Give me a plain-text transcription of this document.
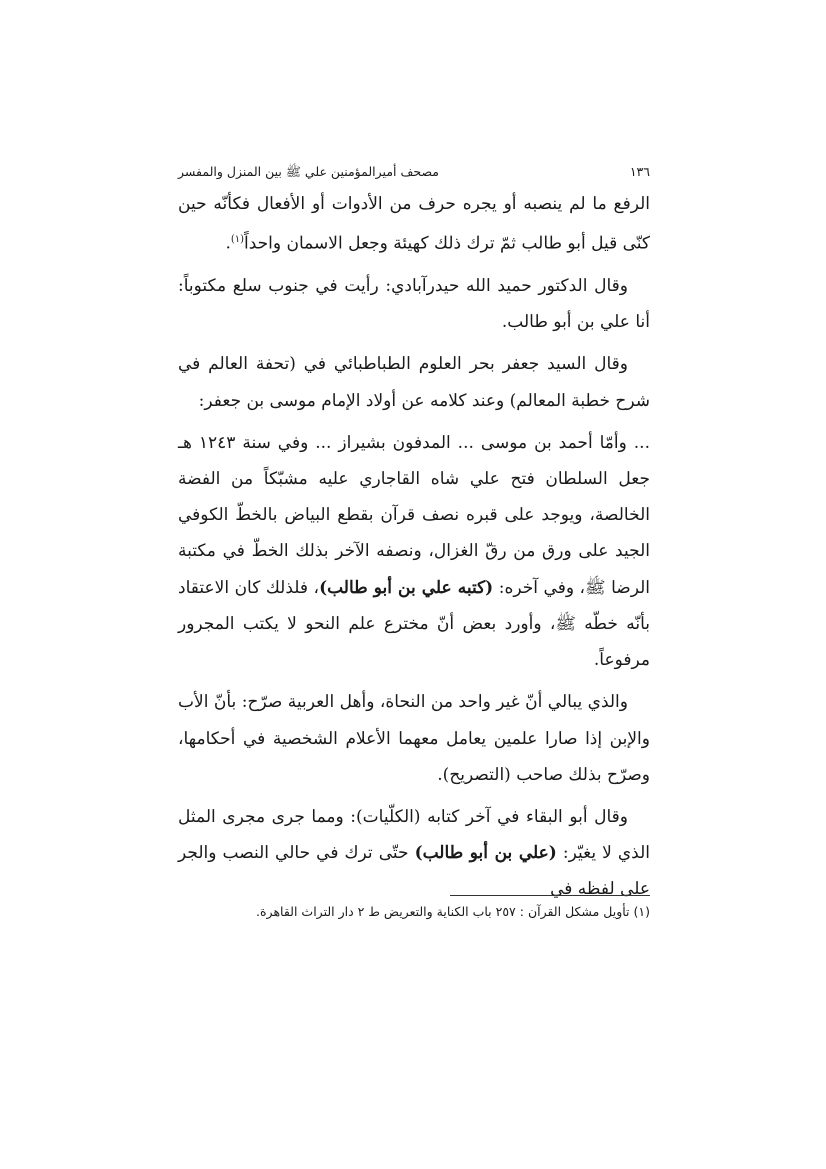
١٣٦
مصحف أميرالمؤمنين علي ﷺ بين المنزل والمفسر

الرفع ما لم ينصبه أو يجره حرف من الأدوات أو الأفعال فكأنّه حين كنّى قيل أبو طالب ثمّ ترك ذلك كهيئة وجعل الاسمان واحداً$^{(١)}$.

وقال الدكتور حميد الله حيدرآبادي: رأيت في جنوب سلع مكتوباً: أنا علي بن أبو طالب.

وقال السيد جعفر بحر العلوم الطباطبائي في (تحفة العالم في شرح خطبة المعالم) وعند كلامه عن أولاد الإمام موسى بن جعفر:

... وأمّا أحمد بن موسى ... المدفون بشيراز ... وفي سنة ١٢٤٣ هـ جعل السلطان فتح علي شاه القاجاري عليه مشبّكاً من الفضة الخالصة، ويوجد على قبره نصف قرآن بقطع البياض بالخطّ الكوفي الجيد على ورق من رقّ الغزال، ونصفه الآخر بذلك الخطّ في مكتبة الرضا ﷺ، وفي آخره: (كتبه علي بن أبو طالب)، فلذلك كان الاعتقاد بأنّه خطّه ﷺ، وأورد بعض أنّ مخترع علم النحو لا يكتب المجرور مرفوعاً.

والذي يبالي أنّ غير واحد من النحاة، وأهل العربية صرّح: بأنّ الأب والإبن إذا صارا علمين يعامل معهما الأعلام الشخصية في أحكامها، وصرّح بذلك صاحب (التصريح).

وقال أبو البقاء في آخر كتابه (الكلّيات): ومما جرى مجرى المثل الذي لا يغيّر: (علي بن أبو طالب) حتّى ترك في حالي النصب والجر على لفظه في

(١) تأويل مشكل القرآن : ٢٥٧ باب الكناية والتعريض ط ٢ دار التراث القاهرة.
